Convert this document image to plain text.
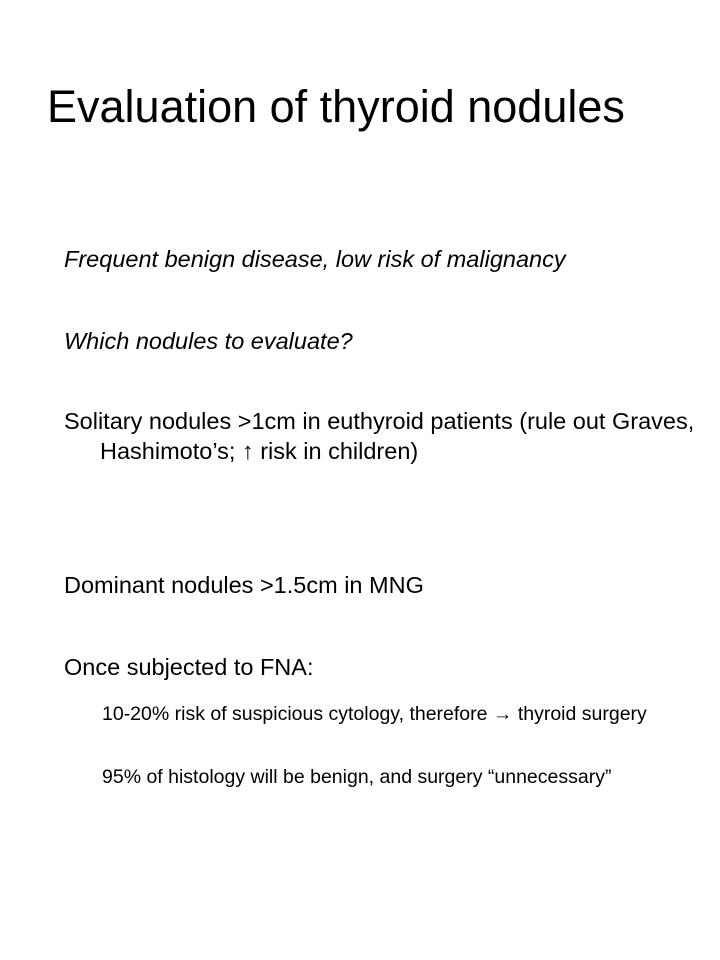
Evaluation of thyroid nodules

Frequent benign disease, low risk of malignancy

Which nodules to evaluate?

Solitary nodules >1cm in euthyroid patients (rule out Graves, Hashimoto’s; ↑ risk in children)

Dominant nodules >1.5cm in MNG

Once subjected to FNA:

10-20% risk of suspicious cytology, therefore → thyroid surgery

95% of histology will be benign, and surgery “unnecessary”
